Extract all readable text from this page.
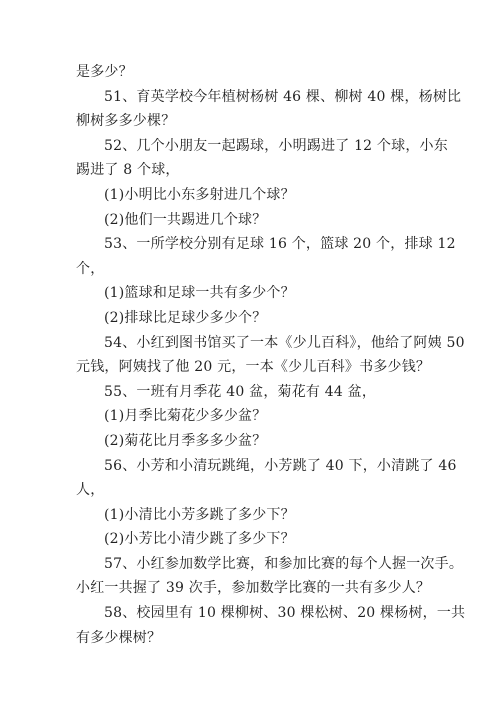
是多少？
51、育英学校今年植树杨树 46 棵、柳树 40 棵，杨树比
柳树多多少棵？
52、几个小朋友一起踢球，小明踢进了 12 个球，小东
踢进了 8 个球，
(1)小明比小东多射进几个球？
(2)他们一共踢进几个球？
53、一所学校分别有足球 16 个，篮球 20 个，排球 12
个，
(1)篮球和足球一共有多少个？
(2)排球比足球少多少个？
54、小红到图书馆买了一本《少儿百科》，他给了阿姨 50
元钱，阿姨找了他 20 元，一本《少儿百科》书多少钱？
55、一班有月季花 40 盆，菊花有 44 盆，
(1)月季比菊花少多少盆？
(2)菊花比月季多多少盆？
56、小芳和小清玩跳绳，小芳跳了 40 下，小清跳了 46
人，
(1)小清比小芳多跳了多少下？
(2)小芳比小清少跳了多少下？
57、小红参加数学比赛，和参加比赛的每个人握一次手。
小红一共握了 39 次手，参加数学比赛的一共有多少人？
58、校园里有 10 棵柳树、30 棵松树、20 棵杨树，一共
有多少棵树？
